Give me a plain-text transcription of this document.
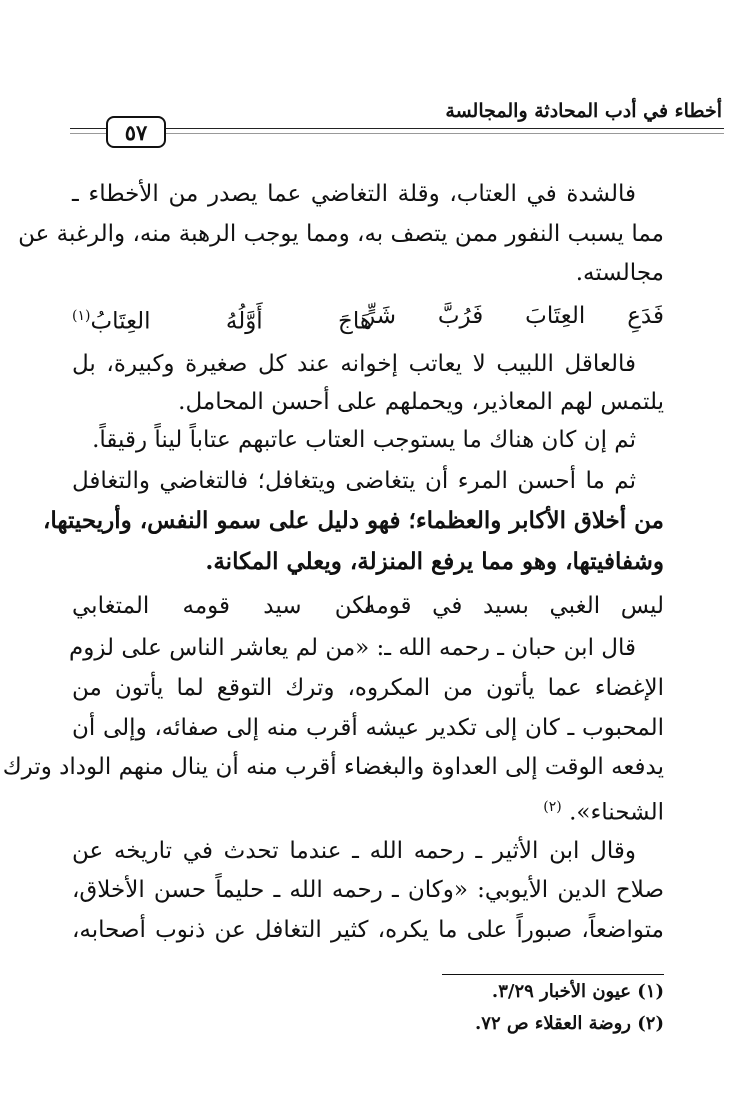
أخطاء في أدب المحادثة والمجالسة
٥٧
فالشدة في العتاب، وقلة التغاضي عما يصدر من الأخطاء ـ
مما يسبب النفور ممن يتصف به، ومما يوجب الرهبة منه، والرغبة عن
مجالسته.
فَدَعِ العِتَابَ فَرُبَّ شَرٍّ
هَاجَ أَوَّلُهُ العِتَابُ$^{(١)}$
فالعاقل اللبيب لا يعاتب إخوانه عند كل صغيرة وكبيرة، بل
يلتمس لهم المعاذير، ويحملهم على أحسن المحامل.
ثم إن كان هناك ما يستوجب العتاب عاتبهم عتاباً ليناً رقيقاً.
ثم ما أحسن المرء أن يتغاضى ويتغافل؛ فالتغاضي والتغافل
من أخلاق الأكابر والعظماء؛ فهو دليل على سمو النفس، وأريحيتها،
وشفافيتها، وهو مما يرفع المنزلة، ويعلي المكانة.
ليس الغبي بسيد في قومه
لكن سيد قومه المتغابي
قال ابن حبان ـ رحمه الله ـ: «من لم يعاشر الناس على لزوم
الإغضاء عما يأتون من المكروه، وترك التوقع لما يأتون من
المحبوب ـ كان إلى تكدير عيشه أقرب منه إلى صفائه، وإلى أن
يدفعه الوقت إلى العداوة والبغضاء أقرب منه أن ينال منهم الوداد وترك
الشحناء». $^{(٢)}$
وقال ابن الأثير ـ رحمه الله ـ عندما تحدث في تاريخه عن
صلاح الدين الأيوبي: «وكان ـ رحمه الله ـ حليماً حسن الأخلاق،
متواضعاً، صبوراً على ما يكره، كثير التغافل عن ذنوب أصحابه،
(١) عيون الأخبار ٣/٢٩.
(٢) روضة العقلاء ص ٧٢.
